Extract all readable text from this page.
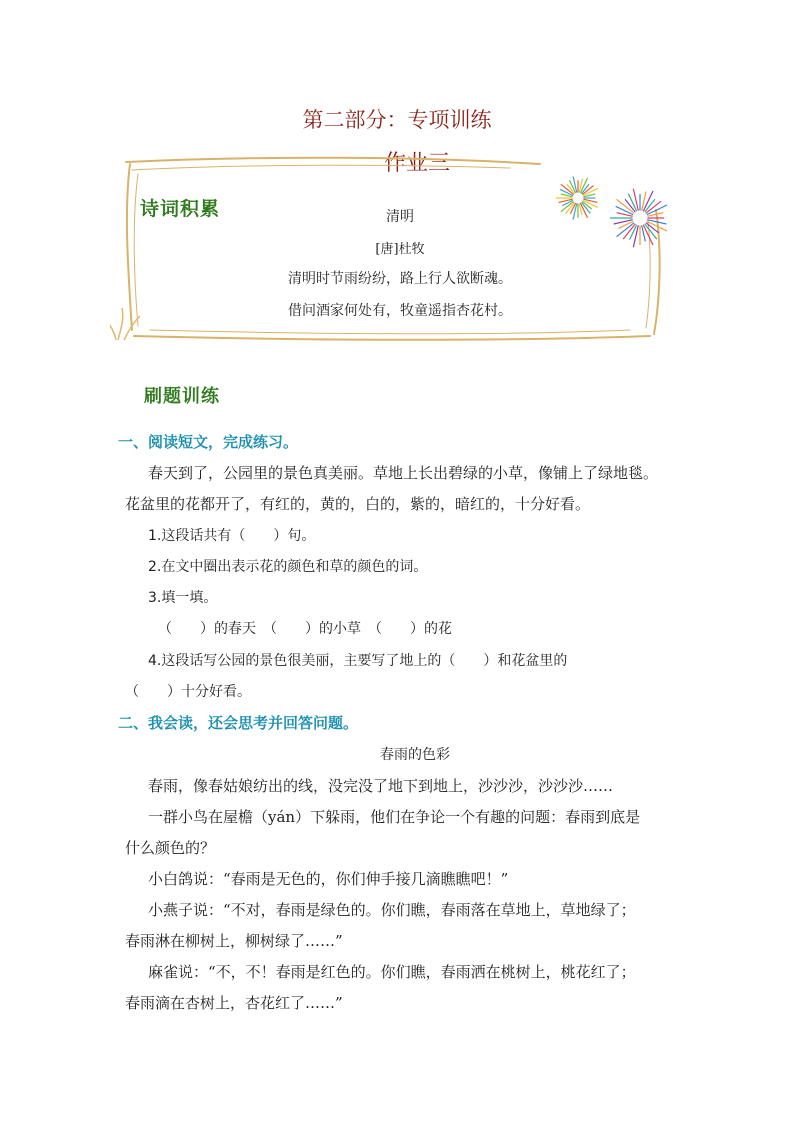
第二部分：专项训练
作业三
诗词积累	清明
[唐]杜牧
清明时节雨纷纷，路上行人欲断魂。
借问酒家何处有，牧童遥指杏花村。
刷题训练
一、阅读短文，完成练习。
春天到了，公园里的景色真美丽。草地上长出碧绿的小草，像铺上了绿地毯。
花盆里的花都开了，有红的，黄的，白的，紫的，暗红的，十分好看。
1.这段话共有（　　）句。
2.在文中圈出表示花的颜色和草的颜色的词。
3.填一填。
（　　）的春天　（　　）的小草　（　　）的花
4.这段话写公园的景色很美丽，主要写了地上的（　　）和花盆里的
（　　）十分好看。
二、我会读，还会思考并回答问题。
春雨的色彩
春雨，像春姑娘纺出的线，没完没了地下到地上，沙沙沙，沙沙沙……
一群小鸟在屋檐（yán）下躲雨，他们在争论一个有趣的问题：春雨到底是
什么颜色的？
小白鸽说：“春雨是无色的，你们伸手接几滴瞧瞧吧！”
小燕子说：“不对，春雨是绿色的。你们瞧，春雨落在草地上，草地绿了；
春雨淋在柳树上，柳树绿了……”
麻雀说：“不，不！春雨是红色的。你们瞧，春雨洒在桃树上，桃花红了；
春雨滴在杏树上，杏花红了……”
